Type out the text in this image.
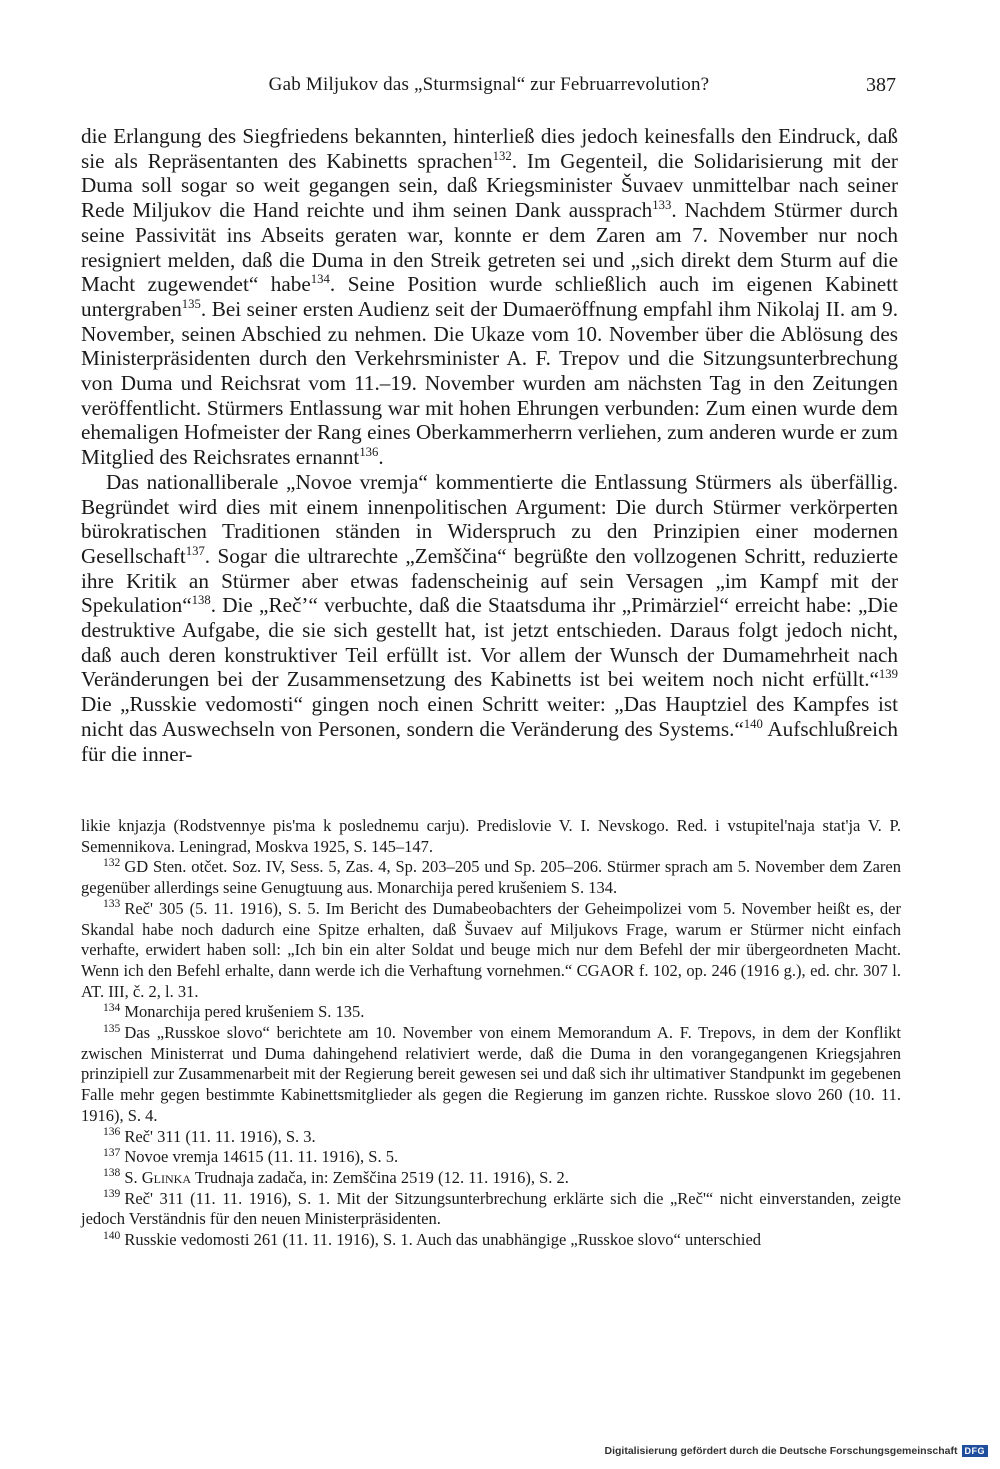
Gab Miljukov das „Sturmsignal“ zur Februarrevolution?	387

die Erlangung des Siegfriedens bekannten, hinterließ dies jedoch keinesfalls den Eindruck, daß sie als Repräsentanten des Kabinetts sprachen$^{132}$. Im Gegenteil, die Solidarisierung mit der Duma soll sogar so weit gegangen sein, daß Kriegsminister Šuvaev unmittelbar nach seiner Rede Miljukov die Hand reichte und ihm seinen Dank aussprach$^{133}$. Nachdem Stürmer durch seine Passivität ins Abseits geraten war, konnte er dem Zaren am 7. November nur noch resigniert melden, daß die Duma in den Streik getreten sei und „sich direkt dem Sturm auf die Macht zugewendet“ habe$^{134}$. Seine Position wurde schließlich auch im eigenen Kabinett untergraben$^{135}$. Bei seiner ersten Audienz seit der Dumaeröffnung empfahl ihm Nikolaj II. am 9. November, seinen Abschied zu nehmen. Die Ukaze vom 10. November über die Ablösung des Ministerpräsidenten durch den Verkehrsminister A. F. Trepov und die Sitzungsunterbrechung von Duma und Reichsrat vom 11.–19. November wurden am nächsten Tag in den Zeitungen veröffentlicht. Stürmers Entlassung war mit hohen Ehrungen verbunden: Zum einen wurde dem ehemaligen Hofmeister der Rang eines Oberkammerherrn verliehen, zum anderen wurde er zum Mitglied des Reichsrates ernannt$^{136}$.

Das nationalliberale „Novoe vremja“ kommentierte die Entlassung Stürmers als überfällig. Begründet wird dies mit einem innenpolitischen Argument: Die durch Stürmer verkörperten bürokratischen Traditionen ständen in Widerspruch zu den Prinzipien einer modernen Gesellschaft$^{137}$. Sogar die ultrarechte „Zemščina“ begrüßte den vollzogenen Schritt, reduzierte ihre Kritik an Stürmer aber etwas fadenscheinig auf sein Versagen „im Kampf mit der Spekulation“$^{138}$. Die „Reč’“ verbuchte, daß die Staatsduma ihr „Primärziel“ erreicht habe: „Die destruktive Aufgabe, die sie sich gestellt hat, ist jetzt entschieden. Daraus folgt jedoch nicht, daß auch deren konstruktiver Teil erfüllt ist. Vor allem der Wunsch der Dumamehrheit nach Veränderungen bei der Zusammensetzung des Kabinetts ist bei weitem noch nicht erfüllt.“$^{139}$ Die „Russkie vedomosti“ gingen noch einen Schritt weiter: „Das Hauptziel des Kampfes ist nicht das Auswechseln von Personen, sondern die Veränderung des Systems.“$^{140}$ Aufschlußreich für die inner-

likie knjazja (Rodstvennye pis'ma k poslednemu carju). Predislovie V. I. Nevskogo. Red. i vstupitel'naja stat'ja V. P. Semennikova. Leningrad, Moskva 1925, S. 145–147.

$^{132}$ GD Sten. otčet. Soz. IV, Sess. 5, Zas. 4, Sp. 203–205 und Sp. 205–206. Stürmer sprach am 5. November dem Zaren gegenüber allerdings seine Genugtuung aus. Monarchija pered krušeniem S. 134.

$^{133}$ Reč' 305 (5. 11. 1916), S. 5. Im Bericht des Dumabeobachters der Geheimpolizei vom 5. November heißt es, der Skandal habe noch dadurch eine Spitze erhalten, daß Šuvaev auf Miljukovs Frage, warum er Stürmer nicht einfach verhafte, erwidert haben soll: „Ich bin ein alter Soldat und beuge mich nur dem Befehl der mir übergeordneten Macht. Wenn ich den Befehl erhalte, dann werde ich die Verhaftung vornehmen.“ CGAOR f. 102, op. 246 (1916 g.), ed. chr. 307 l. AT. III, č. 2, l. 31.

$^{134}$ Monarchija pered krušeniem S. 135.

$^{135}$ Das „Russkoe slovo“ berichtete am 10. November von einem Memorandum A. F. Trepovs, in dem der Konflikt zwischen Ministerrat und Duma dahingehend relativiert werde, daß die Duma in den vorangegangenen Kriegsjahren prinzipiell zur Zusammenarbeit mit der Regierung bereit gewesen sei und daß sich ihr ultimativer Standpunkt im gegebenen Falle mehr gegen bestimmte Kabinettsmitglieder als gegen die Regierung im ganzen richte. Russkoe slovo 260 (10. 11. 1916), S. 4.

$^{136}$ Reč' 311 (11. 11. 1916), S. 3.

$^{137}$ Novoe vremja 14615 (11. 11. 1916), S. 5.

$^{138}$ S. Glinka Trudnaja zadača, in: Zemščina 2519 (12. 11. 1916), S. 2.

$^{139}$ Reč' 311 (11. 11. 1916), S. 1. Mit der Sitzungsunterbrechung erklärte sich die „Reč'“ nicht einverstanden, zeigte jedoch Verständnis für den neuen Ministerpräsidenten.

$^{140}$ Russkie vedomosti 261 (11. 11. 1916), S. 1. Auch das unabhängige „Russkoe slovo“ unterschied

Digitalisierung gefördert durch die Deutsche Forschungsgemeinschaft DFG
